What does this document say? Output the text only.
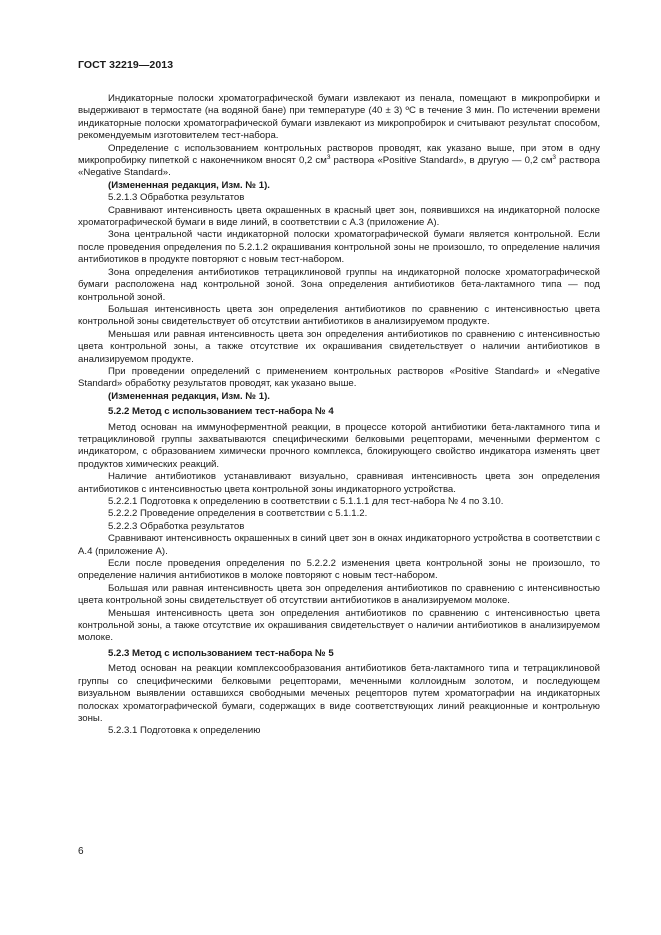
ГОСТ 32219—2013

Индикаторные полоски хроматографической бумаги извлекают из пенала, помещают в микропробирки и выдерживают в термостате (на водяной бане) при температуре (40 ± 3) ºC в течение 3 мин. По истечении времени индикаторные полоски хроматографической бумаги извлекают из микропробирок и считывают результат способом, рекомендуемым изготовителем тест-набора.

Определение с использованием контрольных растворов проводят, как указано выше, при этом в одну микропробирку пипеткой с наконечником вносят 0,2 $см^3$ раствора «Positive Standard», в другую — 0,2 $см^3$ раствора «Negative Standard».

(Измененная редакция, Изм. № 1).

5.2.1.3 Обработка результатов

Сравнивают интенсивность цвета окрашенных в красный цвет зон, появившихся на индикаторной полоске хроматографической бумаги в виде линий, в соответствии с А.3 (приложение А).

Зона центральной части индикаторной полоски хроматографической бумаги является контрольной. Если после проведения определения по 5.2.1.2 окрашивания контрольной зоны не произошло, то определение наличия антибиотиков в продукте повторяют с новым тест-набором.

Зона определения антибиотиков тетрациклиновой группы на индикаторной полоске хроматографической бумаги расположена над контрольной зоной. Зона определения антибиотиков бета-лактамного типа — под контрольной зоной.

Большая интенсивность цвета зон определения антибиотиков по сравнению с интенсивностью цвета контрольной зоны свидетельствует об отсутствии антибиотиков в анализируемом продукте.

Меньшая или равная интенсивность цвета зон определения антибиотиков по сравнению с интенсивностью цвета контрольной зоны, а также отсутствие их окрашивания свидетельствует о наличии антибиотиков в анализируемом продукте.

При проведении определений с применением контрольных растворов «Positive Standard» и «Negative Standard» обработку результатов проводят, как указано выше.

(Измененная редакция, Изм. № 1).

5.2.2 Метод с использованием тест-набора № 4

Метод основан на иммуноферментной реакции, в процессе которой антибиотики бета-лактамного типа и тетрациклиновой группы захватываются специфическими белковыми рецепторами, меченными ферментом с индикатором, с образованием химически прочного комплекса, блокирующего свойство индикатора изменять цвет продуктов химических реакций.

Наличие антибиотиков устанавливают визуально, сравнивая интенсивность цвета зон определения антибиотиков с интенсивностью цвета контрольной зоны индикаторного устройства.

5.2.2.1 Подготовка к определению в соответствии с 5.1.1.1 для тест-набора № 4 по 3.10.

5.2.2.2 Проведение определения в соответствии с 5.1.1.2.

5.2.2.3 Обработка результатов

Сравнивают интенсивность окрашенных в синий цвет зон в окнах индикаторного устройства в соответствии с А.4 (приложение А).

Если после проведения определения по 5.2.2.2 изменения цвета контрольной зоны не произошло, то определение наличия антибиотиков в молоке повторяют с новым тест-набором.

Большая или равная интенсивность цвета зон определения антибиотиков по сравнению с интенсивностью цвета контрольной зоны свидетельствует об отсутствии антибиотиков в анализируемом молоке.

Меньшая интенсивность цвета зон определения антибиотиков по сравнению с интенсивностью цвета контрольной зоны, а также отсутствие их окрашивания свидетельствует о наличии антибиотиков в анализируемом молоке.

5.2.3 Метод с использованием тест-набора № 5

Метод основан на реакции комплексообразования антибиотиков бета-лактамного типа и тетрациклиновой группы со специфическими белковыми рецепторами, меченными коллоидным золотом, и последующем визуальном выявлении оставшихся свободными меченых рецепторов путем хроматографии на индикаторных полосках хроматографической бумаги, содержащих в виде соответствующих линий реакционные и контрольную зоны.

5.2.3.1 Подготовка к определению

6
